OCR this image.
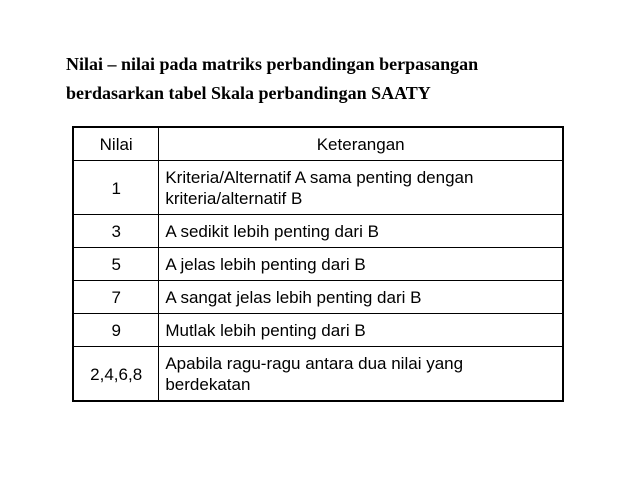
Nilai – nilai pada matriks perbandingan berpasangan
berdasarkan tabel Skala perbandingan SAATY
Nilai	Keterangan
1	Kriteria/Alternatif A sama penting dengan
kriteria/alternatif B

3	A sedikit lebih penting dari B

5	A jelas lebih penting dari B

7	A sangat jelas lebih penting dari B

9	Mutlak lebih penting dari B

2,4,6,8	Apabila ragu-ragu antara dua nilai yang
berdekatan
